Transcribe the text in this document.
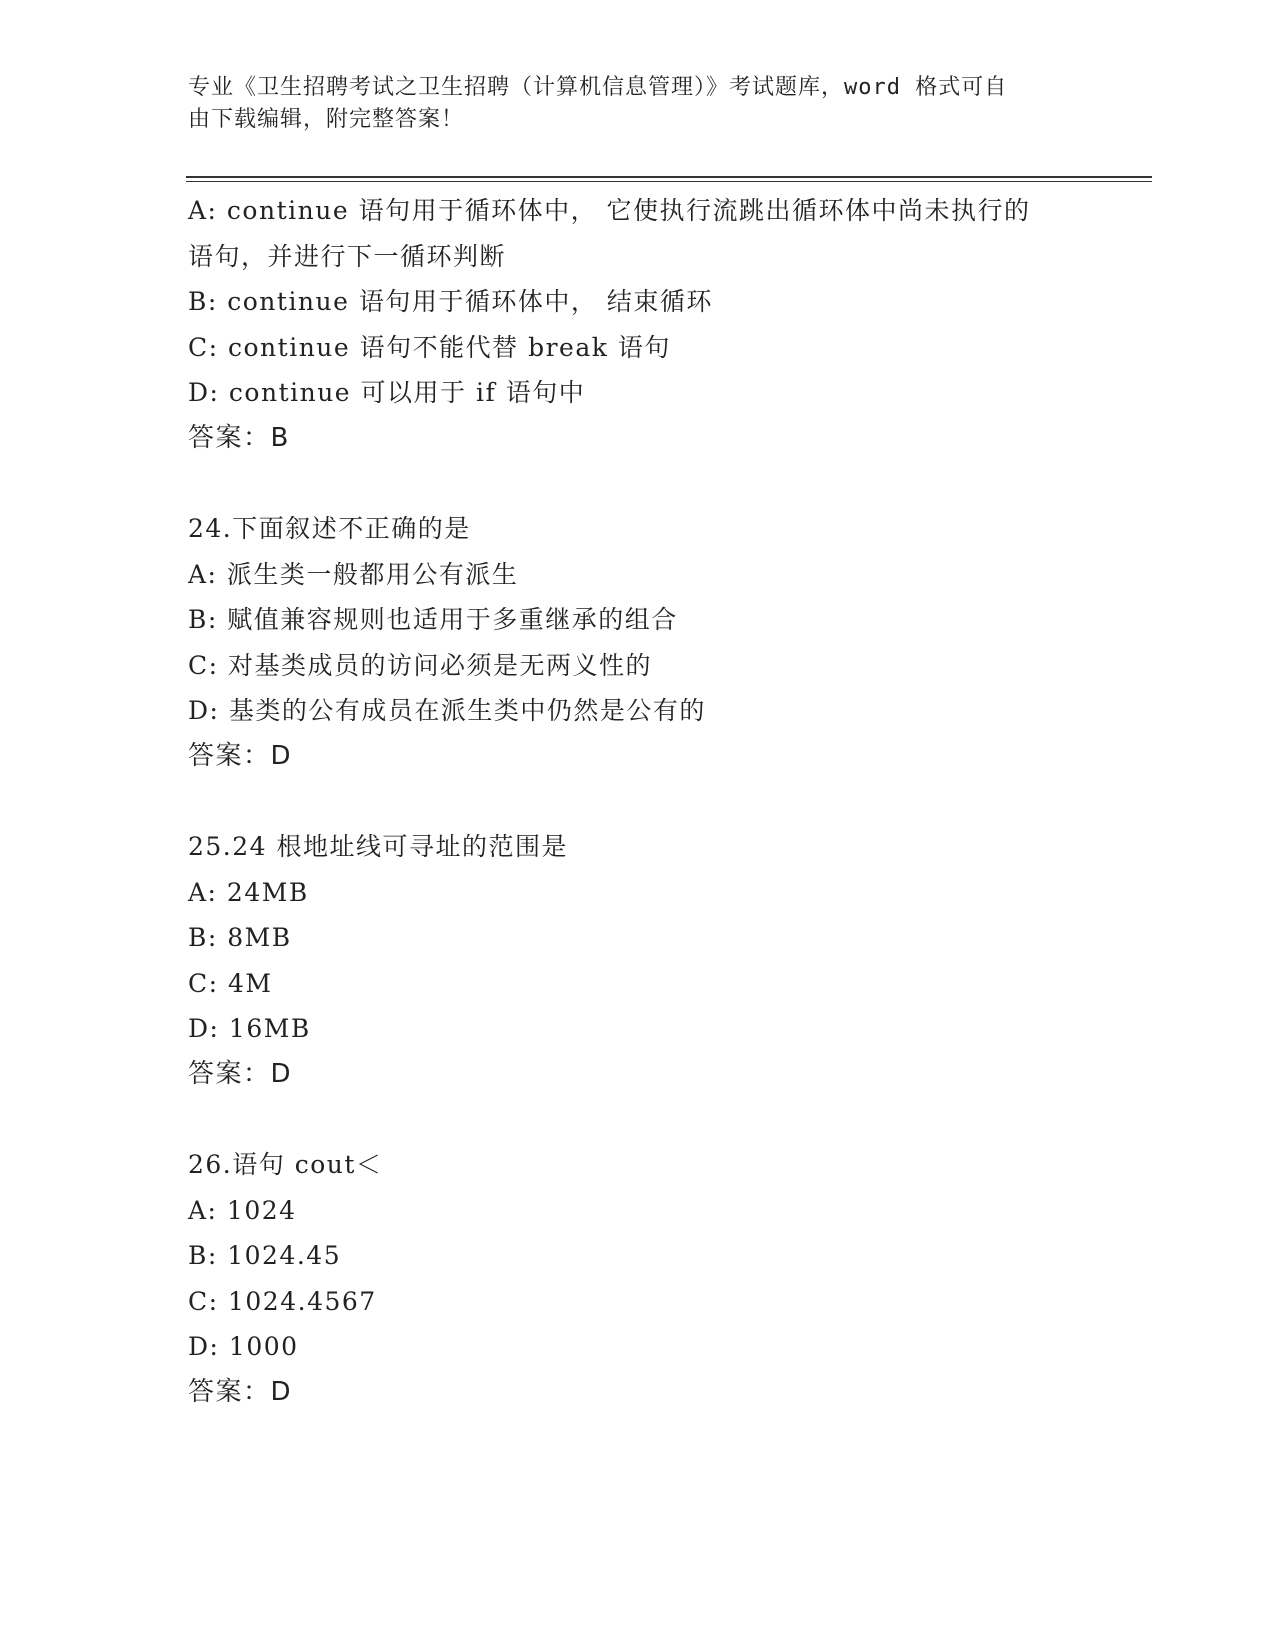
专业《卫生招聘考试之卫生招聘（计算机信息管理）》考试题库，word 格式可自
由下载编辑，附完整答案！
A: continue 语句用于循环体中， 它使执行流跳出循环体中尚未执行的
语句，并进行下一循环判断
B: continue 语句用于循环体中， 结束循环
C: continue 语句不能代替 break 语句
D: continue 可以用于 if 语句中
答案：B
24.下面叙述不正确的是
A: 派生类一般都用公有派生
B: 赋值兼容规则也适用于多重继承的组合
C: 对基类成员的访问必须是无两义性的
D: 基类的公有成员在派生类中仍然是公有的
答案：D
25.24 根地址线可寻址的范围是
A: 24MB
B: 8MB
C: 4M
D: 16MB
答案：D
26.语句 cout＜
A: 1024
B: 1024.45
C: 1024.4567
D: 1000
答案：D
